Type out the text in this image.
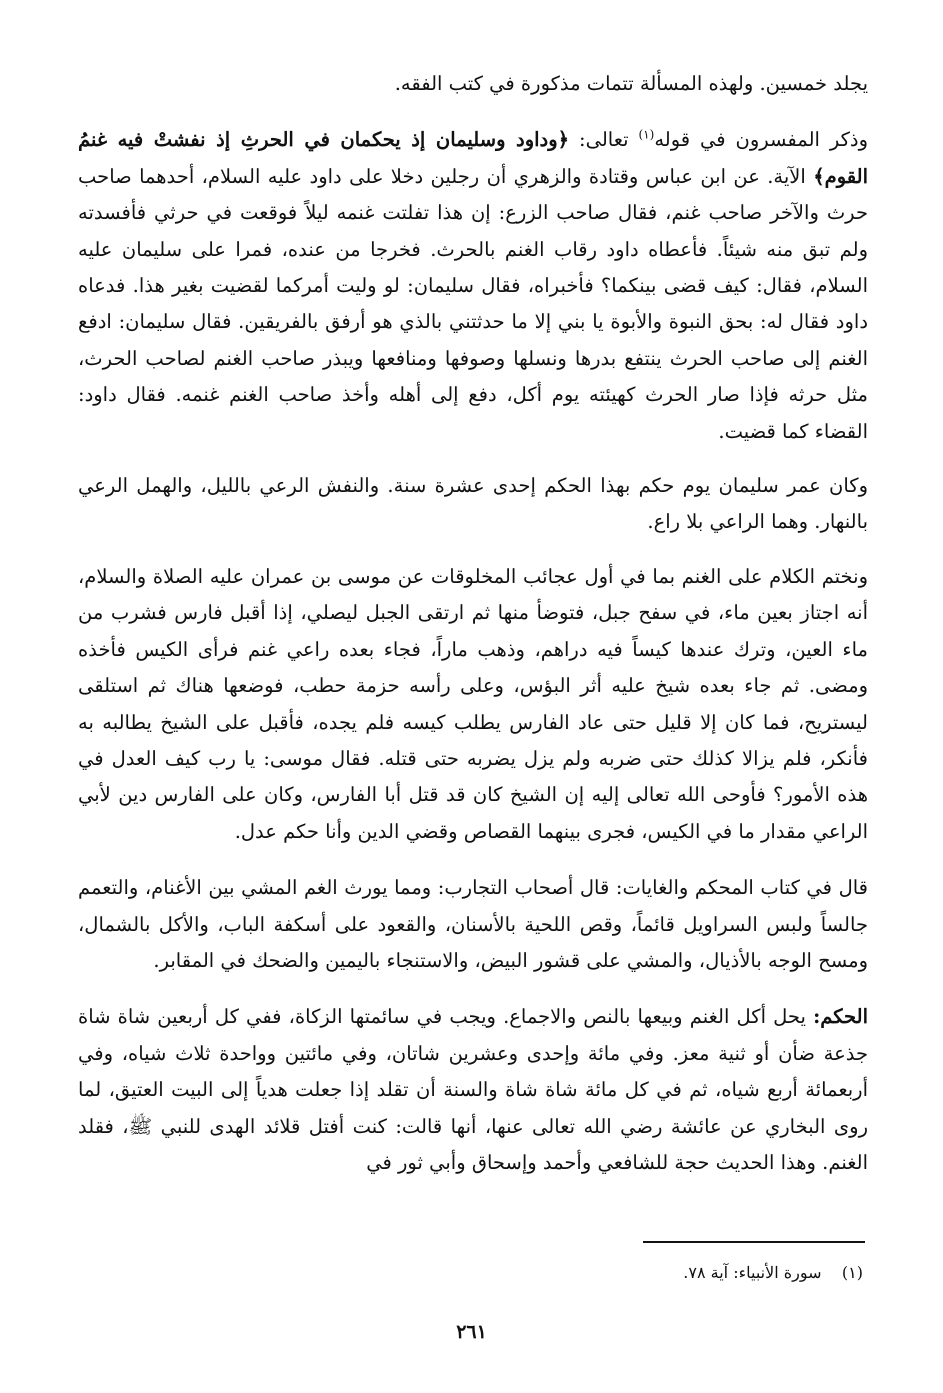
يجلد خمسين. ولهذه المسألة تتمات مذكورة في كتب الفقه.

وذكر المفسرون في قوله$^{(١)}$ تعالى: ﴿وداود وسليمان إذ يحكمان في الحرثِ إذ نفشتْ فيه غنمُ القوم﴾ الآية. عن ابن عباس وقتادة والزهري أن رجلين دخلا على داود عليه السلام، أحدهما صاحب حرث والآخر صاحب غنم، فقال صاحب الزرع: إن هذا تفلتت غنمه ليلاً فوقعت في حرثي فأفسدته ولم تبق منه شيئاً. فأعطاه داود رقاب الغنم بالحرث. فخرجا من عنده، فمرا على سليمان عليه السلام، فقال: كيف قضى بينكما؟ فأخبراه، فقال سليمان: لو وليت أمركما لقضيت بغير هذا. فدعاه داود فقال له: بحق النبوة والأبوة يا بني إلا ما حدثتني بالذي هو أرفق بالفريقين. فقال سليمان: ادفع الغنم إلى صاحب الحرث ينتفع بدرها ونسلها وصوفها ومنافعها ويبذر صاحب الغنم لصاحب الحرث، مثل حرثه فإذا صار الحرث كهيئته يوم أكل، دفع إلى أهله وأخذ صاحب الغنم غنمه. فقال داود: القضاء كما قضيت.

وكان عمر سليمان يوم حكم بهذا الحكم إحدى عشرة سنة. والنفش الرعي بالليل، والهمل الرعي بالنهار. وهما الراعي بلا راع.

ونختم الكلام على الغنم بما في أول عجائب المخلوقات عن موسى بن عمران عليه الصلاة والسلام، أنه اجتاز بعين ماء، في سفح جبل، فتوضأ منها ثم ارتقى الجبل ليصلي، إذا أقبل فارس فشرب من ماء العين، وترك عندها كيساً فيه دراهم، وذهب ماراً، فجاء بعده راعي غنم فرأى الكيس فأخذه ومضى. ثم جاء بعده شيخ عليه أثر البؤس، وعلى رأسه حزمة حطب، فوضعها هناك ثم استلقى ليستريح، فما كان إلا قليل حتى عاد الفارس يطلب كيسه فلم يجده، فأقبل على الشيخ يطالبه به فأنكر، فلم يزالا كذلك حتى ضربه ولم يزل يضربه حتى قتله. فقال موسى: يا رب كيف العدل في هذه الأمور؟ فأوحى الله تعالى إليه إن الشيخ كان قد قتل أبا الفارس، وكان على الفارس دين لأبي الراعي مقدار ما في الكيس، فجرى بينهما القصاص وقضي الدين وأنا حكم عدل.

قال في كتاب المحكم والغايات: قال أصحاب التجارب: ومما يورث الغم المشي بين الأغنام، والتعمم جالساً ولبس السراويل قائماً، وقص اللحية بالأسنان، والقعود على أسكفة الباب، والأكل بالشمال، ومسح الوجه بالأذيال، والمشي على قشور البيض، والاستنجاء باليمين والضحك في المقابر.

الحكم: يحل أكل الغنم وبيعها بالنص والاجماع. ويجب في سائمتها الزكاة، ففي كل أربعين شاة شاة جذعة ضأن أو ثنية معز. وفي مائة وإحدى وعشرين شاتان، وفي مائتين وواحدة ثلاث شياه، وفي أربعمائة أربع شياه، ثم في كل مائة شاة شاة والسنة أن تقلد إذا جعلت هدياً إلى البيت العتيق، لما روى البخاري عن عائشة رضي الله تعالى عنها، أنها قالت: كنت أفتل قلائد الهدى للنبي ﷺ، فقلد الغنم. وهذا الحديث حجة للشافعي وأحمد وإسحاق وأبي ثور في

(١)    سورة الأنبياء: آية ٧٨.
٢٦١
